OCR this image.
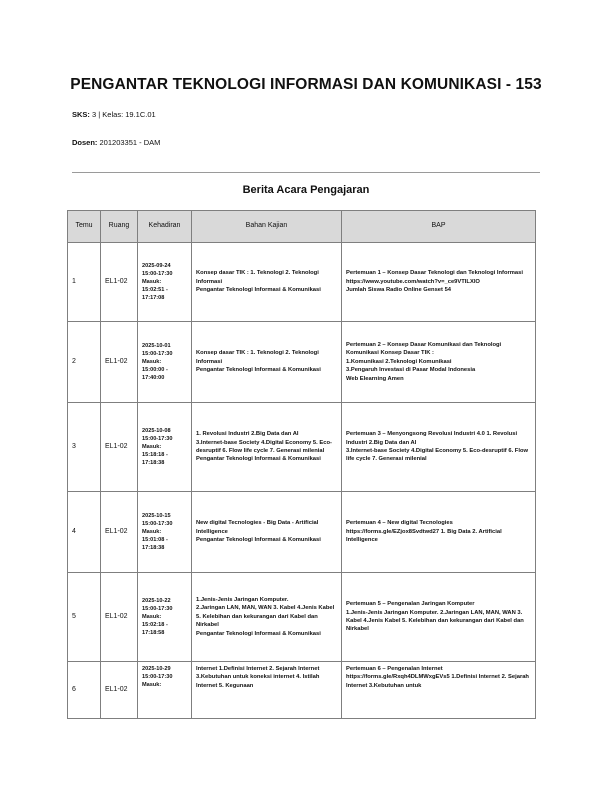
PENGANTAR TEKNOLOGI INFORMASI DAN KOMUNIKASI - 153
SKS: 3 | Kelas: 19.1C.01
Dosen: 201203351 - DAM
Berita Acara Pengajaran
Temu	Ruang	Kehadiran	Bahan Kajian	BAP
1	EL1-02	2025-09-24
15:00-17:30
Masuk:
15:02:51 -
17:17:08	Konsep dasar TIK : 1. Teknologi 2. Teknologi Informasi
Pengantar Teknologi Informasi & Komunikasi	Pertemuan 1 – Konsep Dasar Teknologi dan Teknologi Informasi
https://www.youtube.com/watch?v=_ce9VTILXlO
Jumlah Siswa Radio Online Genset 54

2	EL1-02	2025-10-01
15:00-17:30
Masuk:
15:00:00 -
17:40:00	Konsep dasar TIK : 1. Teknologi 2. Teknologi Informasi
Pengantar Teknologi Informasi & Komunikasi	Pertemuan 2 – Konsep Dasar Komunikasi dan Teknologi Komunikasi Konsep Dasar TIK :
1.Komunikasi 2.Teknologi Komunikasi
3.Pengaruh Investasi di Pasar Modal Indonesia
Web Elearning Amen

3	EL1-02	2025-10-08
15:00-17:30
Masuk:
15:18:18 -
17:18:38	1. Revolusi Industri 2.Big Data dan AI
3.Internet-base Society 4.Digital Economy 5. Eco-desruptif 6. Flow life cycle 7. Generasi milenial
Pengantar Teknologi Informasi & Komunikasi	Pertemuan 3 – Menyongsong Revolusi Industri 4.0 1. Revolusi Industri 2.Big Data dan AI
3.Internet-base Society 4.Digital Economy 5. Eco-desruptif 6. Flow life cycle 7. Generasi milenial

4	EL1-02	2025-10-15
15:00-17:30
Masuk:
15:01:08 -
17:18:38	New digital Tecnologies - Big Data - Artificial Intelligence
Pengantar Teknologi Informasi & Komunikasi	Pertemuan 4 – New digital Tecnologies
https://forms.gle/EZjox8Svdtwd27 1. Big Data 2. Artificial Intelligence

5	EL1-02	2025-10-22
15:00-17:30
Masuk:
15:02:18 -
17:18:58	1.Jenis-Jenis Jaringan Komputer.
2.Jaringan LAN, MAN, WAN 3. Kabel 4.Jenis Kabel 5. Kelebihan dan kekurangan dari Kabel dan Nirkabel
Pengantar Teknologi Informasi & Komunikasi	Pertemuan 5 – Pengenalan Jaringan Komputer
1.Jenis-Jenis Jaringan Komputer. 2.Jaringan LAN, MAN, WAN 3. Kabel 4.Jenis Kabel 5. Kelebihan dan kekurangan dari Kabel dan Nirkabel

6	EL1-02	2025-10-29
15:00-17:30
Masuk:	Internet 1.Definisi Internet 2. Sejarah Internet 3.Kebutuhan untuk koneksi internet 4. Istilah Internet 5. Kegunaan	Pertemuan 6 – Pengenalan Internet
https://forms.gle/Rxqh4DLMWxgEVs5 1.Definisi Internet 2. Sejarah Internet 3.Kebutuhan untuk
